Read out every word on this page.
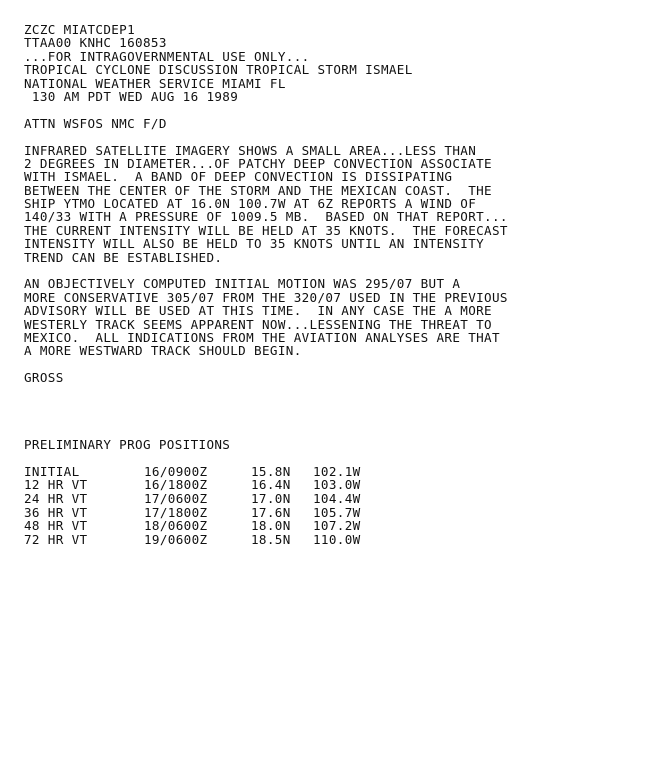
ZCZC MIATCDEP1
TTAA00 KNHC 160853
...FOR INTRAGOVERNMENTAL USE ONLY...
TROPICAL CYCLONE DISCUSSION TROPICAL STORM ISMAEL
NATIONAL WEATHER SERVICE MIAMI FL
130 AM PDT WED AUG 16 1989
ATTN WSFOS NMC F/D
INFRARED SATELLITE IMAGERY SHOWS A SMALL AREA...LESS THAN
2 DEGREES IN DIAMETER...OF PATCHY DEEP CONVECTION ASSOCIATE
WITH ISMAEL.  A BAND OF DEEP CONVECTION IS DISSIPATING
BETWEEN THE CENTER OF THE STORM AND THE MEXICAN COAST.  THE
SHIP YTMO LOCATED AT 16.0N 100.7W AT 6Z REPORTS A WIND OF
140/33 WITH A PRESSURE OF 1009.5 MB.  BASED ON THAT REPORT...
THE CURRENT INTENSITY WILL BE HELD AT 35 KNOTS.  THE FORECAST
INTENSITY WILL ALSO BE HELD TO 35 KNOTS UNTIL AN INTENSITY
TREND CAN BE ESTABLISHED.
AN OBJECTIVELY COMPUTED INITIAL MOTION WAS 295/07 BUT A
MORE CONSERVATIVE 305/07 FROM THE 320/07 USED IN THE PREVIOUS
ADVISORY WILL BE USED AT THIS TIME.  IN ANY CASE THE A MORE
WESTERLY TRACK SEEMS APPARENT NOW...LESSENING THE THREAT TO
MEXICO.  ALL INDICATIONS FROM THE AVIATION ANALYSES ARE THAT
A MORE WESTWARD TRACK SHOULD BEGIN.
GROSS
PRELIMINARY PROG POSITIONS
INITIAL	16/0900Z	15.8N	102.1W
12 HR VT	16/1800Z	16.4N	103.0W
24 HR VT	17/0600Z	17.0N	104.4W
36 HR VT	17/1800Z	17.6N	105.7W
48 HR VT	18/0600Z	18.0N	107.2W
72 HR VT	19/0600Z	18.5N	110.0W
